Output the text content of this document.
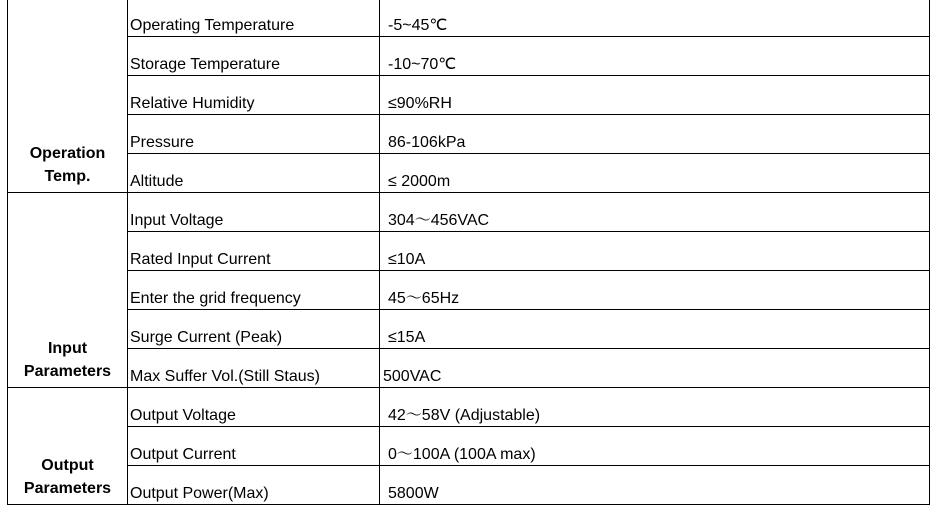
Operation
Temp.	Operating Temperature	-5~45℃
	Storage Temperature	-10~70℃
	Relative Humidity	≤90%RH
	Pressure	86-106kPa
	Altitude	≤ 2000m
Input
Parameters	Input Voltage	304～456VAC
	Rated Input Current	≤10A
	Enter the grid frequency	45～65Hz
	Surge Current (Peak)	≤15A
	Max Suffer Vol.(Still Staus)	500VAC
Output
Parameters	Output Voltage	42～58V (Adjustable)
	Output Current	0～100A (100A max)
	Output Power(Max)	5800W
